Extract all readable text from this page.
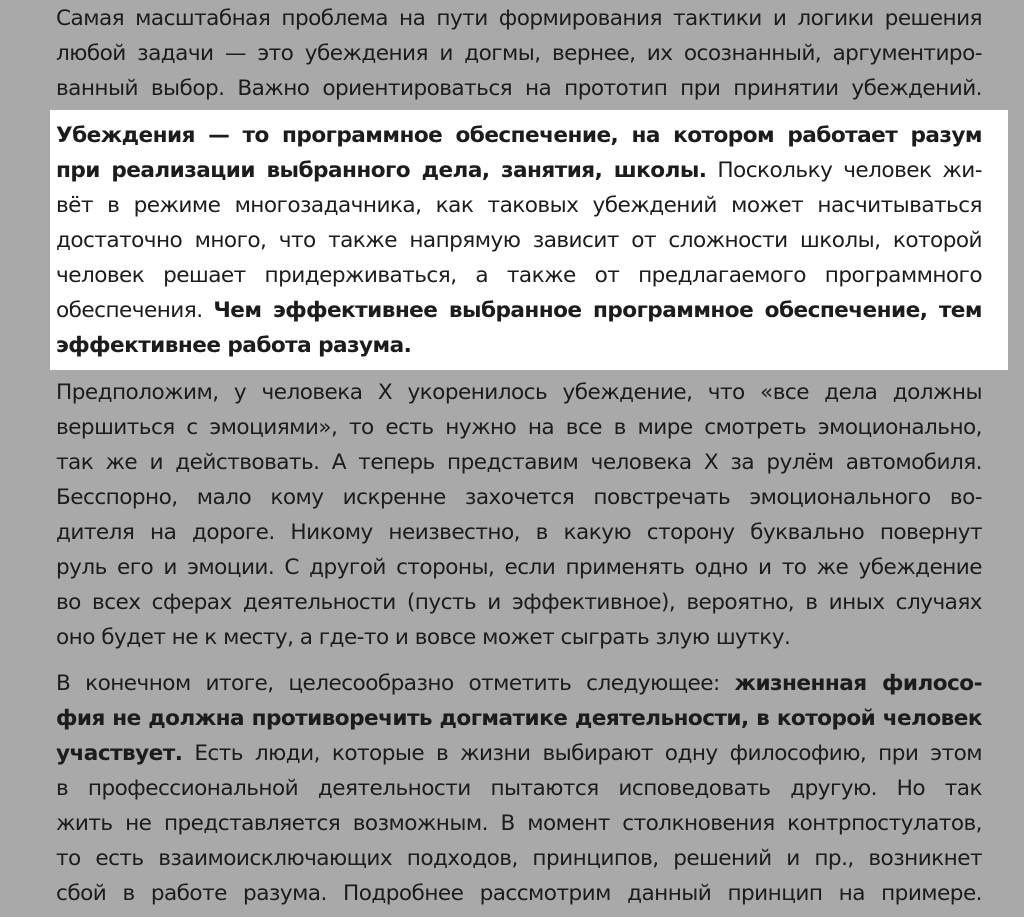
Самая масштабная проблема на пути формирования тактики и логики решения
любой задачи — это убеждения и догмы, вернее, их осознанный, аргументиро-
ванный выбор. Важно ориентироваться на прототип при принятии убеждений.
Убеждения — то программное обеспечение, на котором работает разум
при реализации выбранного дела, занятия, школы. Поскольку человек жи-
вёт в режиме многозадачника, как таковых убеждений может насчитываться
достаточно много, что также напрямую зависит от сложности школы, которой
человек решает придерживаться, а также от предлагаемого программного
обеспечения. Чем эффективнее выбранное программное обеспечение, тем
эффективнее работа разума.
Предположим, у человека Х укоренилось убеждение, что «все дела должны
вершиться с эмоциями», то есть нужно на все в мире смотреть эмоционально,
так же и действовать. А теперь представим человека Х за рулём автомобиля.
Бесспорно, мало кому искренне захочется повстречать эмоционального во-
дителя на дороге. Никому неизвестно, в какую сторону буквально повернут
руль его и эмоции. С другой стороны, если применять одно и то же убеждение
во всех сферах деятельности (пусть и эффективное), вероятно, в иных случаях
оно будет не к месту, а где-то и вовсе может сыграть злую шутку.
В конечном итоге, целесообразно отметить следующее: жизненная филосо-
фия не должна противоречить догматике деятельности, в которой человек
участвует. Есть люди, которые в жизни выбирают одну философию, при этом
в профессиональной деятельности пытаются исповедовать другую. Но так
жить не представляется возможным. В момент столкновения контрпостулатов,
то есть взаимоисключающих подходов, принципов, решений и пр., возникнет
сбой в работе разума. Подробнее рассмотрим данный принцип на примере.
